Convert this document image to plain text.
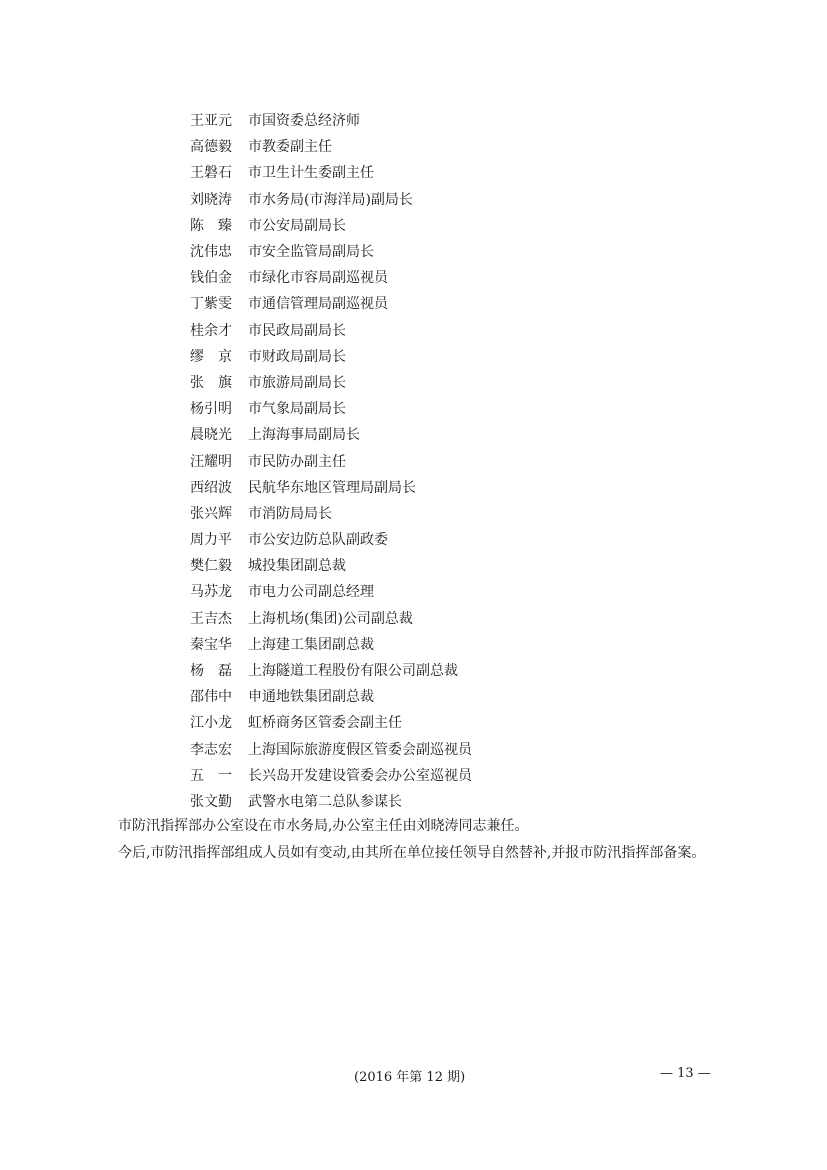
王亚元	市国资委总经济师
高德毅	市教委副主任
王磐石	市卫生计生委副主任
刘晓涛	市水务局(市海洋局)副局长
陈　臻	市公安局副局长
沈伟忠	市安全监管局副局长
钱伯金	市绿化市容局副巡视员
丁紫雯	市通信管理局副巡视员
桂余才	市民政局副局长
缪　京	市财政局副局长
张　旗	市旅游局副局长
杨引明	市气象局副局长
晨晓光	上海海事局副局长
汪耀明	市民防办副主任
西绍波	民航华东地区管理局副局长
张兴辉	市消防局局长
周力平	市公安边防总队副政委
樊仁毅	城投集团副总裁
马苏龙	市电力公司副总经理
王吉杰	上海机场(集团)公司副总裁
秦宝华	上海建工集团副总裁
杨　磊	上海隧道工程股份有限公司副总裁
邵伟中	申通地铁集团副总裁
江小龙	虹桥商务区管委会副主任
李志宏	上海国际旅游度假区管委会副巡视员
五　一	长兴岛开发建设管委会办公室巡视员
张文勤	武警水电第二总队参谋长

市防汛指挥部办公室设在市水务局,办公室主任由刘晓涛同志兼任。

今后,市防汛指挥部组成人员如有变动,由其所在单位接任领导自然替补,并报市防汛指挥部备案。

(2016 年第 12 期)	— 13 —
